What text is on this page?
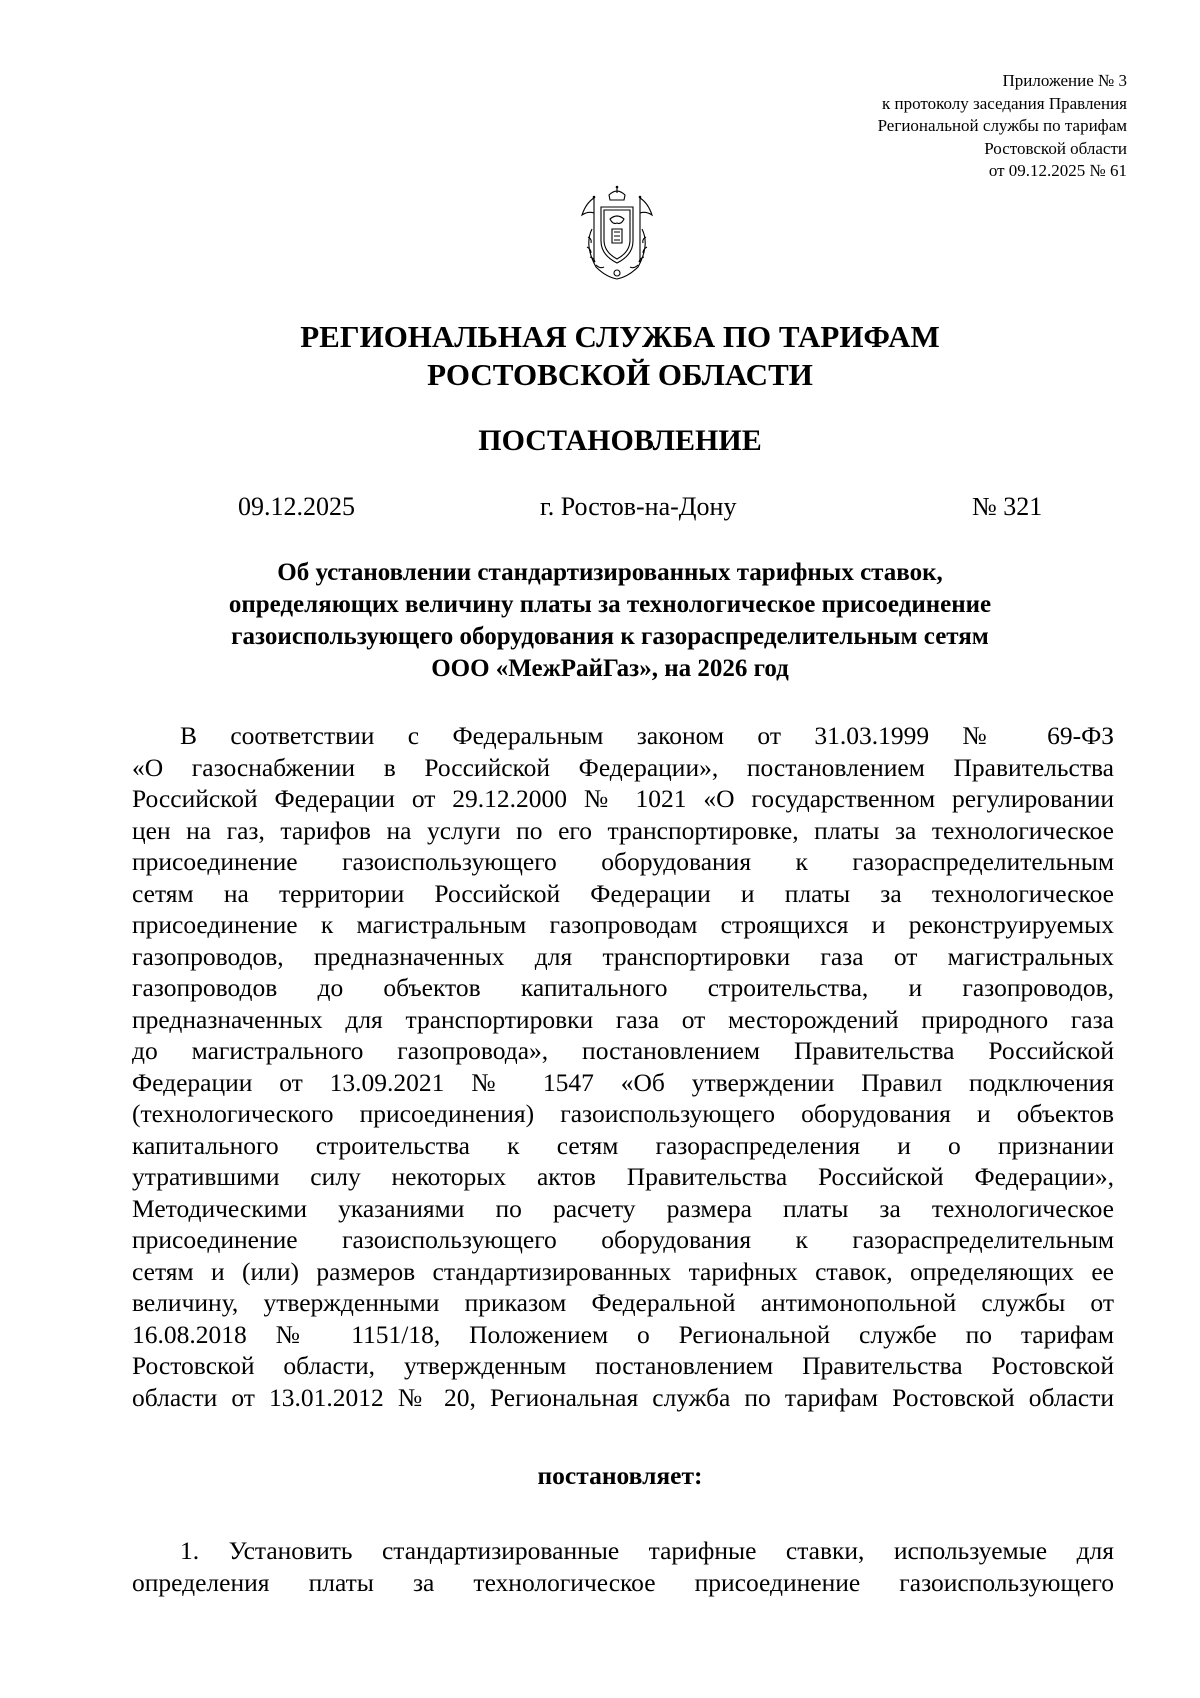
Приложение № 3
к протоколу заседания Правления
Региональной службы по тарифам
Ростовской области
от 09.12.2025 № 61
РЕГИОНАЛЬНАЯ СЛУЖБА ПО ТАРИФАМ
РОСТОВСКОЙ ОБЛАСТИ
ПОСТАНОВЛЕНИЕ
09.12.2025	г. Ростов-на-Дону	№ 321
Об установлении стандартизированных тарифных ставок,
определяющих величину платы за технологическое присоединение
газоиспользующего оборудования к газораспределительным сетям
ООО «МежРайГаз», на 2026 год
В соответствии с Федеральным законом от 31.03.1999 № 69-ФЗ
«О газоснабжении в Российской Федерации», постановлением Правительства
Российской Федерации от 29.12.2000 № 1021 «О государственном регулировании
цен на газ, тарифов на услуги по его транспортировке, платы за технологическое
присоединение газоиспользующего оборудования к газораспределительным
сетям на территории Российской Федерации и платы за технологическое
присоединение к магистральным газопроводам строящихся и реконструируемых
газопроводов, предназначенных для транспортировки газа от магистральных
газопроводов до объектов капитального строительства, и газопроводов,
предназначенных для транспортировки газа от месторождений природного газа
до магистрального газопровода», постановлением Правительства Российской
Федерации от 13.09.2021 № 1547 «Об утверждении Правил подключения
(технологического присоединения) газоиспользующего оборудования и объектов
капитального строительства к сетям газораспределения и о признании
утратившими силу некоторых актов Правительства Российской Федерации»,
Методическими указаниями по расчету размера платы за технологическое
присоединение газоиспользующего оборудования к газораспределительным
сетям и (или) размеров стандартизированных тарифных ставок, определяющих ее
величину, утвержденными приказом Федеральной антимонопольной службы от
16.08.2018 № 1151/18, Положением о Региональной службе по тарифам
Ростовской области, утвержденным постановлением Правительства Ростовской
области от 13.01.2012 № 20, Региональная служба по тарифам Ростовской области
постановляет:
1. Установить стандартизированные тарифные ставки, используемые для
определения платы за технологическое присоединение газоиспользующего
